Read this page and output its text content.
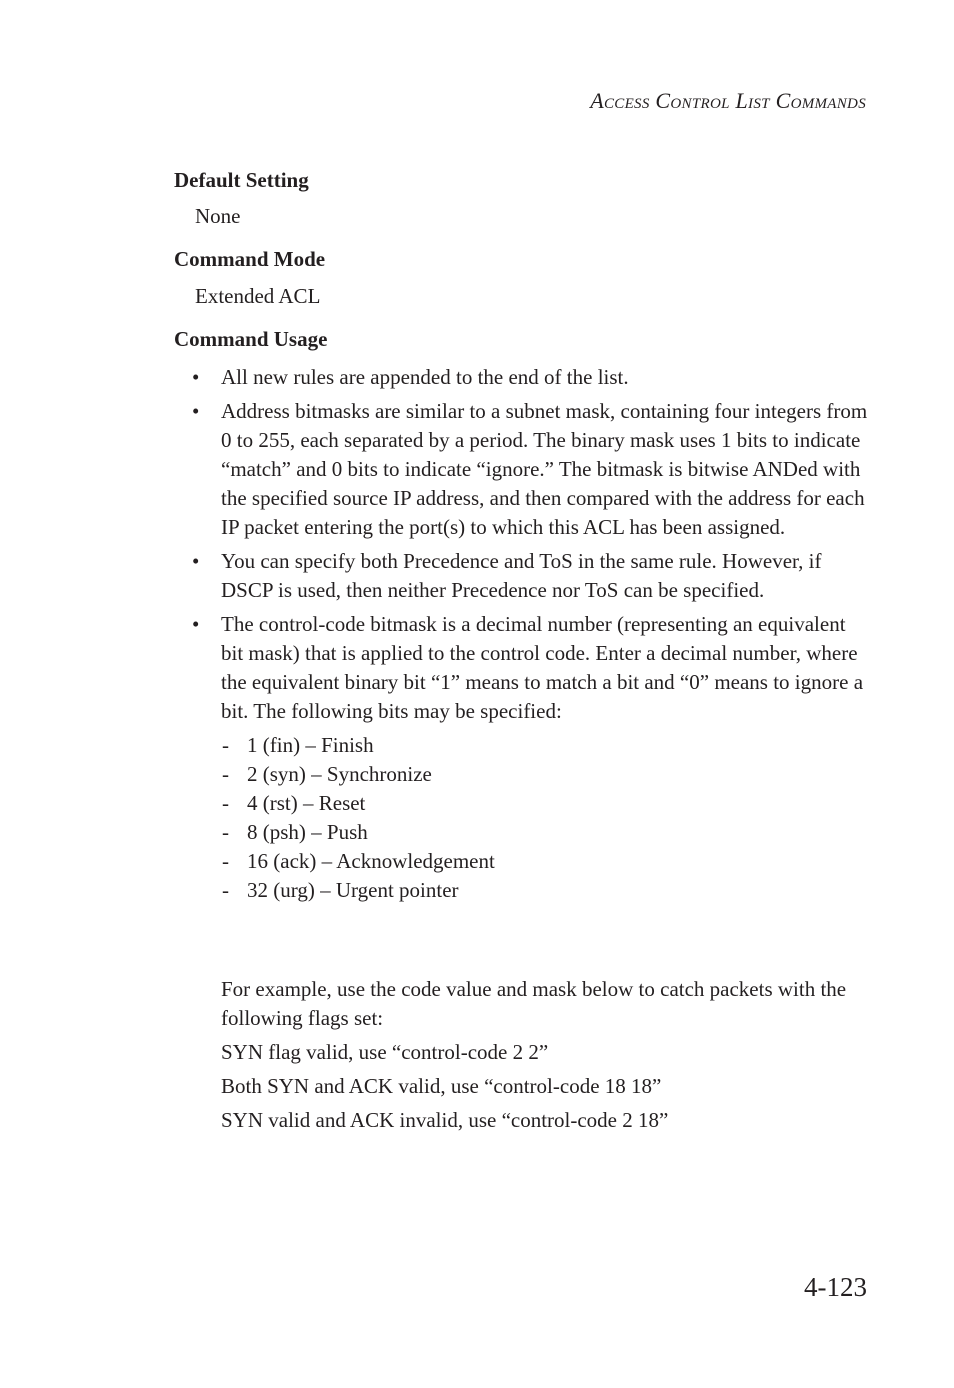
Access Control List Commands
Default Setting
None
Command Mode
Extended ACL
Command Usage
• All new rules are appended to the end of the list.
• Address bitmasks are similar to a subnet mask, containing four integers from 0 to 255, each separated by a period. The binary mask uses 1 bits to indicate “match” and 0 bits to indicate “ignore.” The bitmask is bitwise ANDed with the specified source IP address, and then compared with the address for each IP packet entering the port(s) to which this ACL has been assigned.
• You can specify both Precedence and ToS in the same rule. However, if   DSCP is used, then neither Precedence nor ToS can be specified.
• The control-code bitmask is a decimal number (representing an equivalent bit mask) that is applied to the control code. Enter a decimal number, where the equivalent binary bit “1” means to match a bit and “0” means to ignore a bit. The following bits may be specified:
- 1 (fin) – Finish
- 2 (syn) – Synchronize
- 4 (rst) – Reset
- 8 (psh) – Push
- 16 (ack) – Acknowledgement
- 32 (urg) – Urgent pointer

For example, use the code value and mask below to catch packets with the following flags set:

SYN flag valid, use “control-code 2 2”

Both SYN and ACK valid, use “control-code 18 18”

SYN valid and ACK invalid, use “control-code 2 18”

4-123
